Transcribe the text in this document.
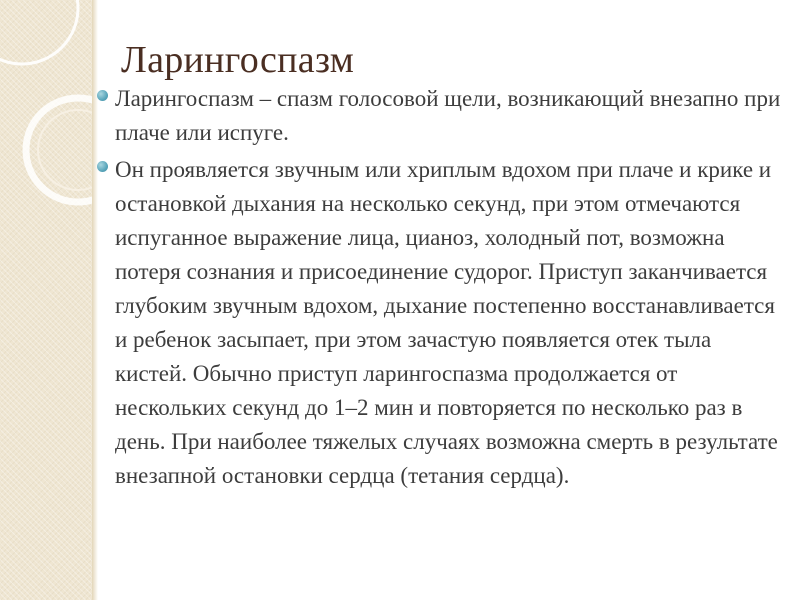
Ларингоспазм
Ларингоспазм – спазм голосовой щели, возникающий внезапно при плаче или испуге.
Он проявляется звучным или хриплым вдохом при плаче и крике и остановкой дыхания на несколько секунд, при этом отмечаются испуганное выражение лица, цианоз, холодный пот, возможна потеря сознания и присоединение судорог. Приступ заканчивается глубоким звучным вдохом, дыхание постепенно восстанавливается и ребенок засыпает, при этом зачастую появляется отек тыла кистей. Обычно приступ ларингоспазма продолжается от нескольких секунд до 1–2 мин и повторяется по несколько раз в день. При наиболее тяжелых случаях возможна смерть в результате внезапной остановки сердца (тетания сердца).
